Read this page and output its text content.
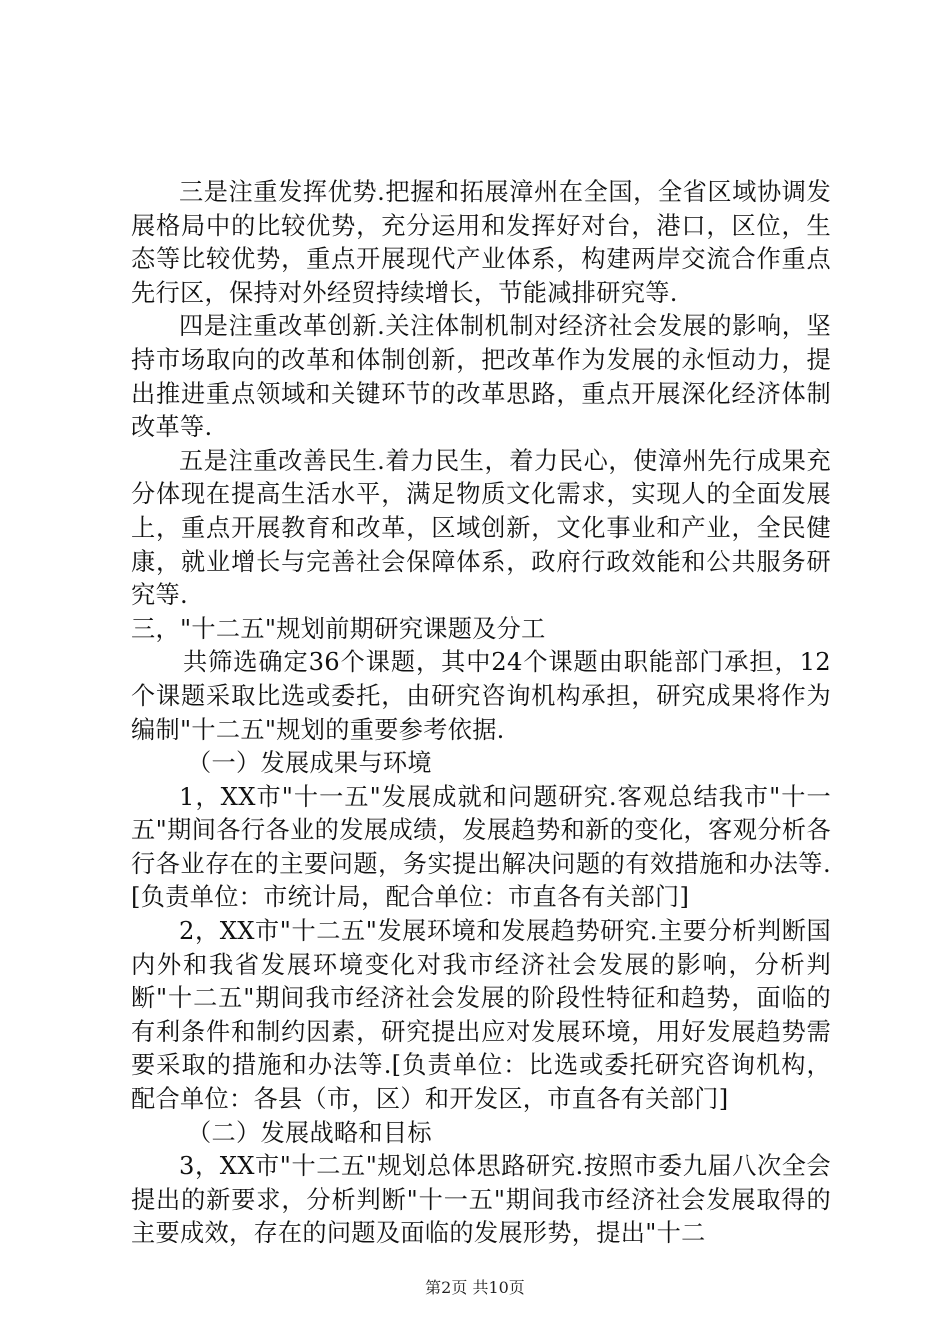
三是注重发挥优势.把握和拓展漳州在全国，全省区域协调发展格局中的比较优势，充分运用和发挥好对台，港口，区位，生态等比较优势，重点开展现代产业体系，构建两岸交流合作重点先行区，保持对外经贸持续增长，节能减排研究等.

四是注重改革创新.关注体制机制对经济社会发展的影响，坚持市场取向的改革和体制创新，把改革作为发展的永恒动力，提出推进重点领域和关键环节的改革思路，重点开展深化经济体制改革等.

五是注重改善民生.着力民生，着力民心，使漳州先行成果充分体现在提高生活水平，满足物质文化需求，实现人的全面发展上，重点开展教育和改革，区域创新，文化事业和产业，全民健康，就业增长与完善社会保障体系，政府行政效能和公共服务研究等.

三，"十二五"规划前期研究课题及分工

共筛选确定36个课题，其中24个课题由职能部门承担，12个课题采取比选或委托，由研究咨询机构承担，研究成果将作为编制"十二五"规划的重要参考依据.

（一）发展成果与环境

1，XX市"十一五"发展成就和问题研究.客观总结我市"十一五"期间各行各业的发展成绩，发展趋势和新的变化，客观分析各行各业存在的主要问题，务实提出解决问题的有效措施和办法等.[负责单位：市统计局，配合单位：市直各有关部门]

2，XX市"十二五"发展环境和发展趋势研究.主要分析判断国内外和我省发展环境变化对我市经济社会发展的影响，分析判断"十二五"期间我市经济社会发展的阶段性特征和趋势，面临的有利条件和制约因素，研究提出应对发展环境，用好发展趋势需要采取的措施和办法等.[负责单位：比选或委托研究咨询机构，配合单位：各县（市，区）和开发区，市直各有关部门]

（二）发展战略和目标

3，XX市"十二五"规划总体思路研究.按照市委九届八次全会提出的新要求，分析判断"十一五"期间我市经济社会发展取得的主要成效，存在的问题及面临的发展形势，提出"十二

第2页 共10页
